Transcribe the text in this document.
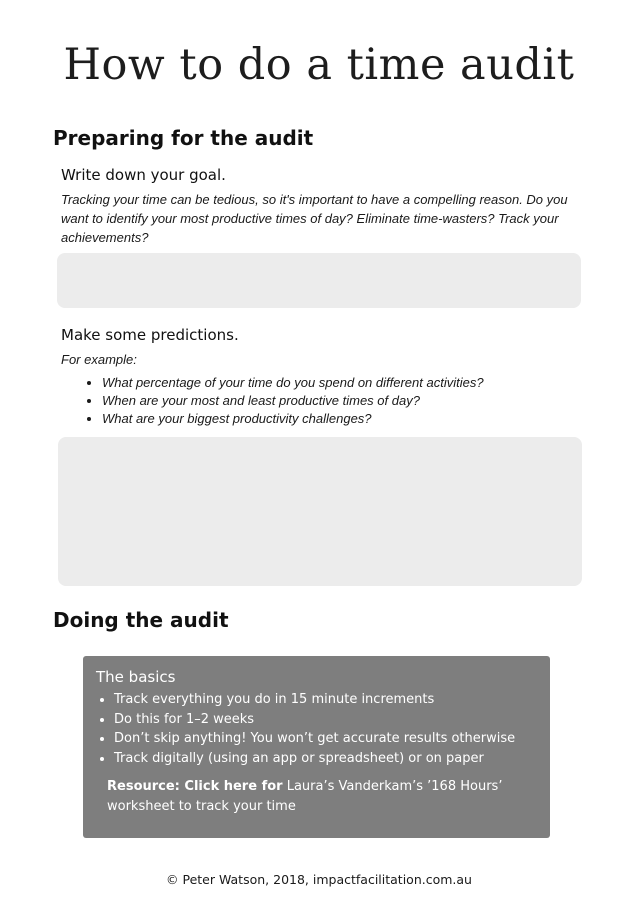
How to do a time audit
Preparing for the audit
Write down your goal.
Tracking your time can be tedious, so it's important to have a compelling reason. Do you want to identify your most productive times of day? Eliminate time-wasters? Track your achievements?
Make some predictions.
For example:
• What percentage of your time do you spend on different activities?
• When are your most and least productive times of day?
• What are your biggest productivity challenges?
Doing the audit
The basics
• Track everything you do in 15 minute increments
• Do this for 1–2 weeks
• Don’t skip anything! You won’t get accurate results otherwise
• Track digitally (using an app or spreadsheet) or on paper
Resource: Click here for Laura’s Vanderkam’s ’168 Hours’ worksheet to track your time
© Peter Watson, 2018, impactfacilitation.com.au
